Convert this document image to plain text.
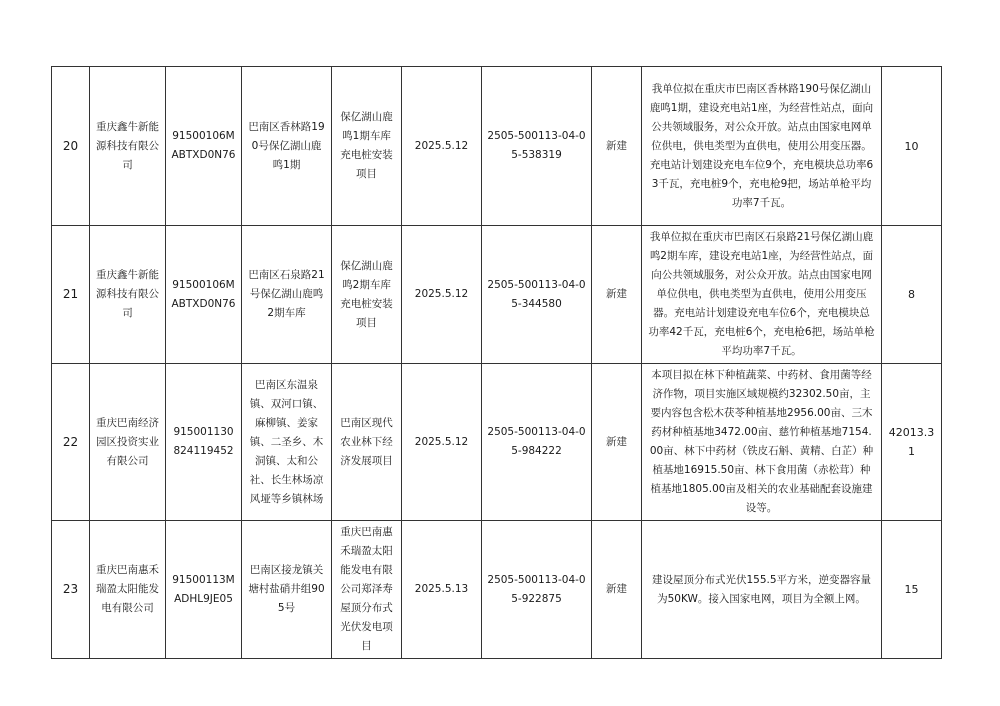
20	重庆鑫牛新能源科技有限公司	91500106MABTXD0N76	巴南区香林路190号保亿湖山鹿鸣1期	保亿湖山鹿鸣1期车库充电桩安装项目	2025.5.12	2505-500113-04-05-538319	新建	我单位拟在重庆市巴南区香林路190号保亿湖山鹿鸣1期，建设充电站1座，为经营性站点，面向公共领域服务，对公众开放。站点由国家电网单位供电，供电类型为直供电，使用公用变压器。充电站计划建设充电车位9个，充电模块总功率63千瓦，充电桩9个，充电枪9把，场站单枪平均功率7千瓦。	10
21	重庆鑫牛新能源科技有限公司	91500106MABTXD0N76	巴南区石泉路21号保亿湖山鹿鸣2期车库	保亿湖山鹿鸣2期车库充电桩安装项目	2025.5.12	2505-500113-04-05-344580	新建	我单位拟在重庆市巴南区石泉路21号保亿湖山鹿鸣2期车库，建设充电站1座，为经营性站点，面向公共领域服务，对公众开放。站点由国家电网单位供电，供电类型为直供电，使用公用变压器。充电站计划建设充电车位6个，充电模块总功率42千瓦，充电桩6个，充电枪6把，场站单枪平均功率7千瓦。	8
22	重庆巴南经济园区投资实业有限公司	915001130824119452	巴南区东温泉镇、双河口镇、麻柳镇、姜家镇、二圣乡、木洞镇、太和公社、长生林场凉风垭等乡镇林场	巴南区现代农业林下经济发展项目	2025.5.12	2505-500113-04-05-984222	新建	本项目拟在林下种植蔬菜、中药材、食用菌等经济作物，项目实施区域规模约32302.50亩，主要内容包含松木茯苓种植基地2956.00亩、三木药材种植基地3472.00亩、慈竹种植基地7154.00亩、林下中药材（铁皮石斛、黄精、白芷）种植基地16915.50亩、林下食用菌（赤松茸）种植基地1805.00亩及相关的农业基础配套设施建设等。	42013.31
23	重庆巴南惠禾瑞盈太阳能发电有限公司	91500113MADHL9JE05	巴南区接龙镇关塘村盐硝井组905号	重庆巴南惠禾瑞盈太阳能发电有限公司郑泽寿屋顶分布式光伏发电项目	2025.5.13	2505-500113-04-05-922875	新建	建设屋顶分布式光伏155.5平方米，逆变器容量为50KW。接入国家电网，项目为全额上网。	15
